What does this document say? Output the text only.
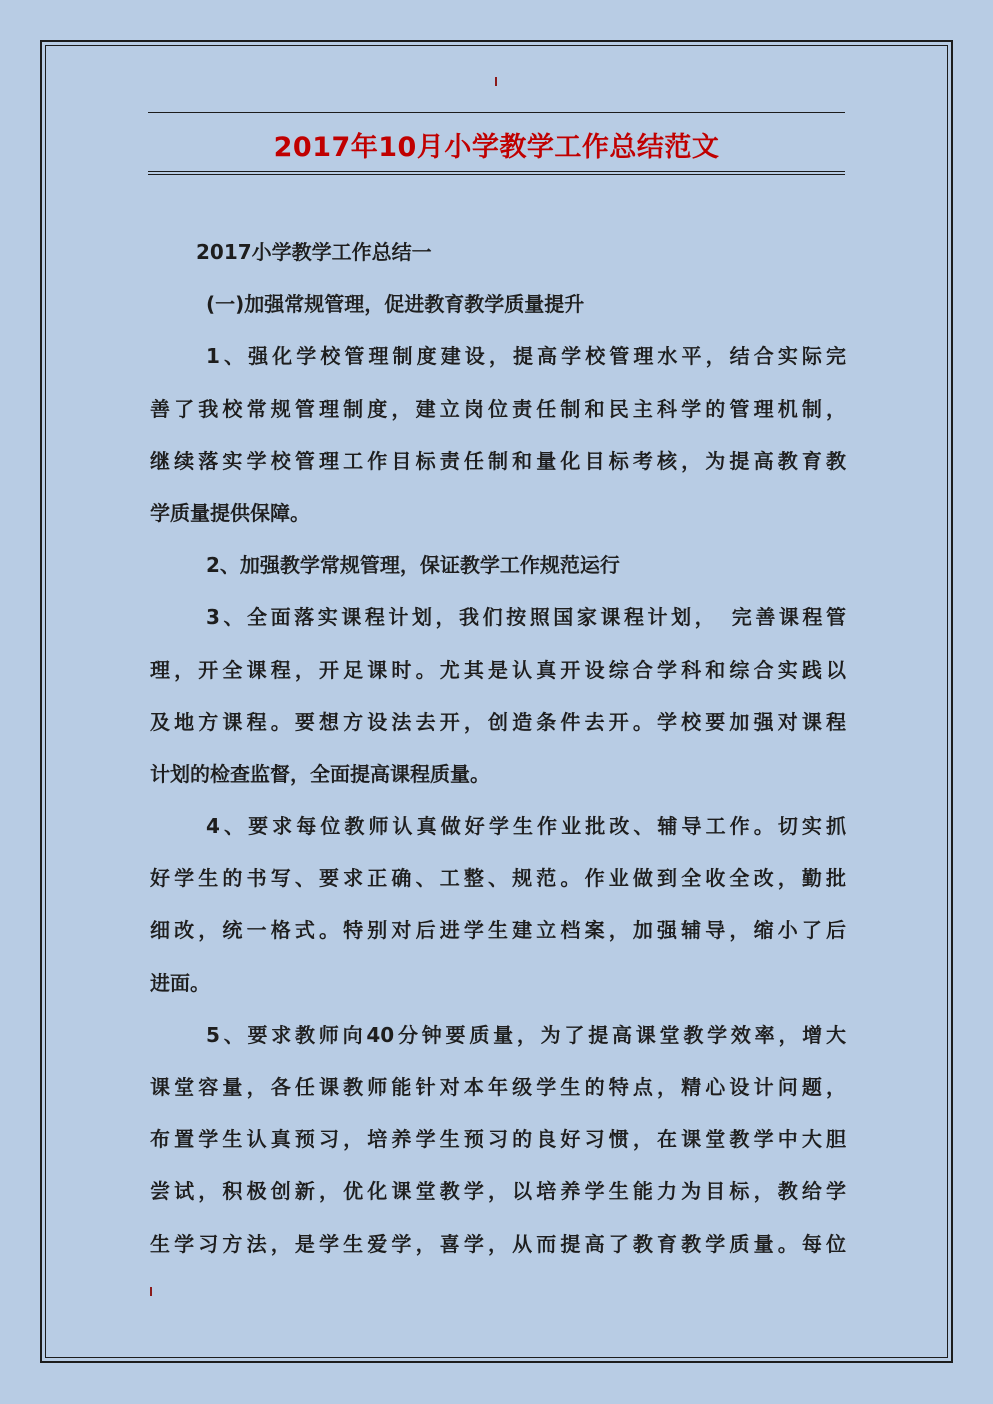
2017年10月小学教学工作总结范文
2017小学教学工作总结一
(一)加强常规管理，促进教育教学质量提升
1、强化学校管理制度建设，提高学校管理水平，结合实际完
善了我校常规管理制度，建立岗位责任制和民主科学的管理机制，
继续落实学校管理工作目标责任制和量化目标考核，为提高教育教
学质量提供保障。
2、加强教学常规管理，保证教学工作规范运行
3、全面落实课程计划，我们按照国家课程计划，　完善课程管
理，开全课程，开足课时。尤其是认真开设综合学科和综合实践以
及地方课程。要想方设法去开，创造条件去开。学校要加强对课程
计划的检查监督，全面提高课程质量。
4、要求每位教师认真做好学生作业批改、辅导工作。切实抓
好学生的书写、要求正确、工整、规范。作业做到全收全改，勤批
细改，统一格式。特别对后进学生建立档案，加强辅导，缩小了后
进面。
5、要求教师向40分钟要质量，为了提高课堂教学效率，增大
课堂容量，各任课教师能针对本年级学生的特点，精心设计问题，
布置学生认真预习，培养学生预习的良好习惯，在课堂教学中大胆
尝试，积极创新，优化课堂教学，以培养学生能力为目标，教给学
生学习方法，是学生爱学，喜学，从而提高了教育教学质量。每位
